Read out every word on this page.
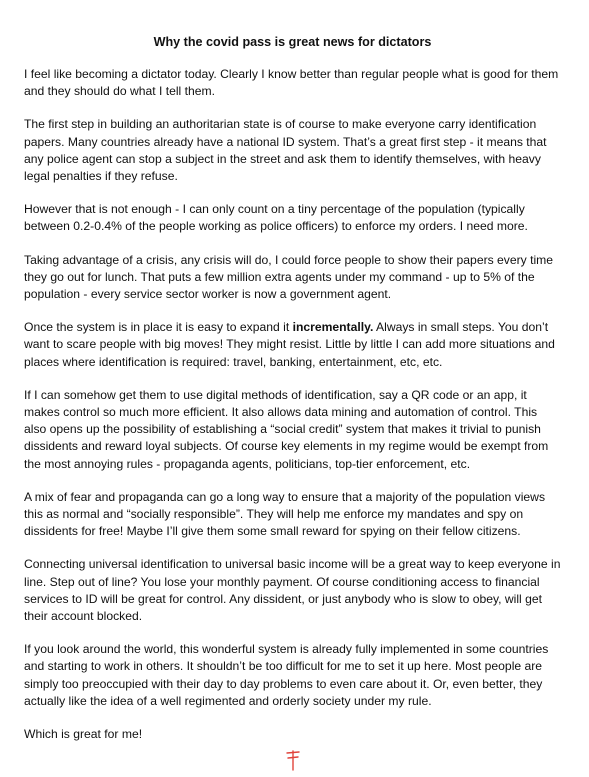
Why the covid pass is great news for dictators

I feel like becoming a dictator today. Clearly I know better than regular people what is good for them and they should do what I tell them.

The first step in building an authoritarian state is of course to make everyone carry identification papers. Many countries already have a national ID system. That’s a great first step - it means that any police agent can stop a subject in the street and ask them to identify themselves, with heavy legal penalties if they refuse.

However that is not enough - I can only count on a tiny percentage of the population (typically between 0.2-0.4% of the people working as police officers) to enforce my orders. I need more.

Taking advantage of a crisis, any crisis will do, I could force people to show their papers every time they go out for lunch. That puts a few million extra agents under my command - up to 5% of the population - every service sector worker is now a government agent.

Once the system is in place it is easy to expand it incrementally. Always in small steps. You don’t want to scare people with big moves! They might resist. Little by little I can add more situations and places where identification is required: travel, banking, entertainment, etc, etc.

If I can somehow get them to use digital methods of identification, say a QR code or an app, it makes control so much more efficient. It also allows data mining and automation of control. This also opens up the possibility of establishing a “social credit” system that makes it trivial to punish dissidents and reward loyal subjects. Of course key elements in my regime would be exempt from the most annoying rules - propaganda agents, politicians, top-tier enforcement, etc.

A mix of fear and propaganda can go a long way to ensure that a majority of the population views this as normal and “socially responsible”. They will help me enforce my mandates and spy on dissidents for free! Maybe I’ll give them some small reward for spying on their fellow citizens.

Connecting universal identification to universal basic income will be a great way to keep everyone in line. Step out of line? You lose your monthly payment. Of course conditioning access to financial services to ID will be great for control. Any dissident, or just anybody who is slow to obey, will get their account blocked.

If you look around the world, this wonderful system is already fully implemented in some countries and starting to work in others. It shouldn’t be too difficult for me to set it up here. Most people are simply too preoccupied with their day to day problems to even care about it. Or, even better, they actually like the idea of a well regimented and orderly society under my rule.

Which is great for me!
